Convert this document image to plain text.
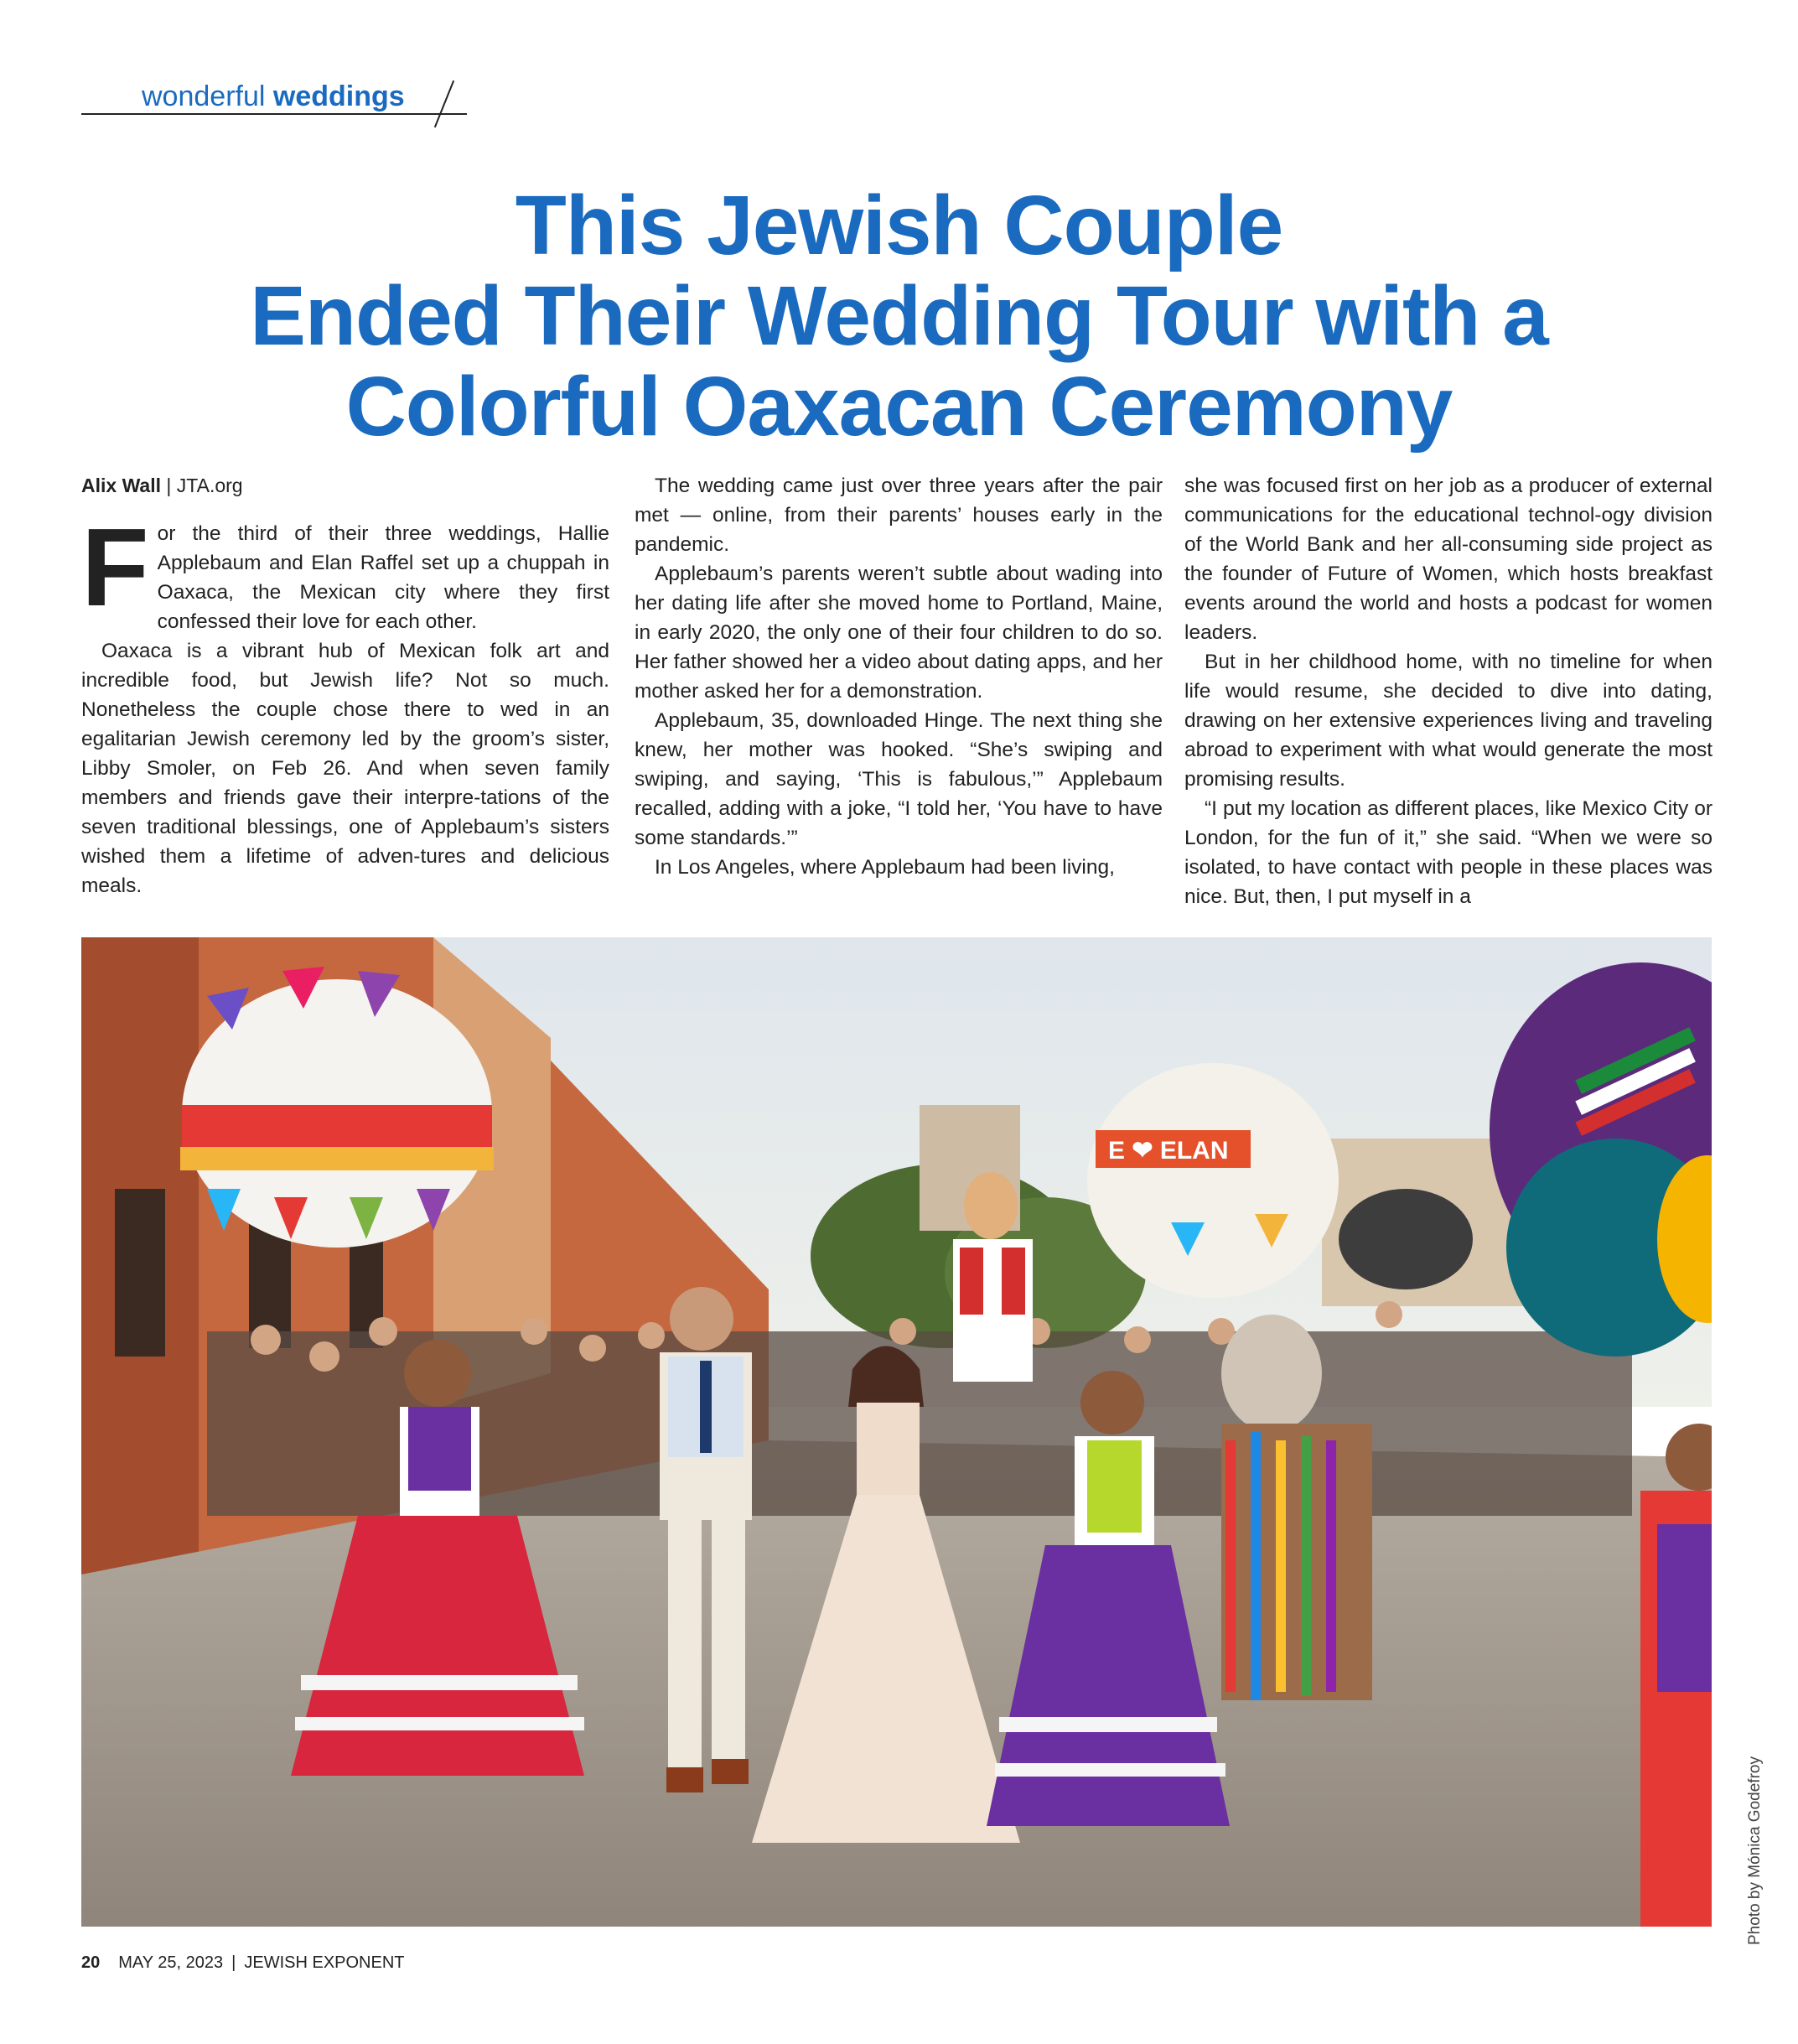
wonderful weddings
This Jewish Couple
Ended Their Wedding Tour with a
Colorful Oaxacan Ceremony

Alix Wall | JTA.org

For the third of their three weddings, Hallie Applebaum and Elan Raffel set up a chuppah in Oaxaca, the Mexican city where they first confessed their love for each other.

Oaxaca is a vibrant hub of Mexican folk art and incredible food, but Jewish life? Not so much. Nonetheless the couple chose there to wed in an egalitarian Jewish ceremony led by the groom’s sister, Libby Smoler, on Feb 26. And when seven family members and friends gave their interpre-tations of the seven traditional blessings, one of Applebaum’s sisters wished them a lifetime of adven-tures and delicious meals.

The wedding came just over three years after the pair met — online, from their parents’ houses early in the pandemic.

Applebaum’s parents weren’t subtle about wading into her dating life after she moved home to Portland, Maine, in early 2020, the only one of their four children to do so. Her father showed her a video about dating apps, and her mother asked her for a demonstration.

Applebaum, 35, downloaded Hinge. The next thing she knew, her mother was hooked. “She’s swiping and swiping, and saying, ‘This is fabulous,’” Applebaum recalled, adding with a joke, “I told her, ‘You have to have some standards.’”

In Los Angeles, where Applebaum had been living,

she was focused first on her job as a producer of external communications for the educational technol-ogy division of the World Bank and her all-consuming side project as the founder of Future of Women, which hosts breakfast events around the world and hosts a podcast for women leaders.

But in her childhood home, with no timeline for when life would resume, she decided to dive into dating, drawing on her extensive experiences living and traveling abroad to experiment with what would generate the most promising results.

“I put my location as different places, like Mexico City or London, for the fun of it,” she said. “When we were so isolated, to have contact with people in these places was nice. But, then, I put myself in a

E ❤ ELAN
Photo by Mónica Godefroy
20 MAY 25, 2023 | JEWISH EXPONENT
